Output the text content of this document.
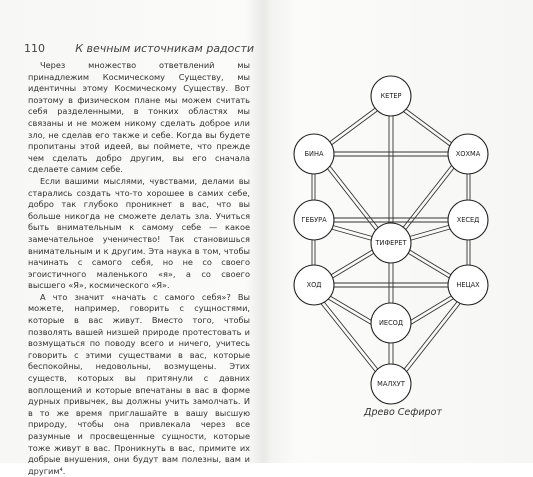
110	К вечным источникам радости

Через множество ответвлений мы принадлежим Космическому Существу, мы идентичны этому Космическому Существу. Вот поэтому в физическом плане мы можем считать себя разделенными, в тонких областях мы связаны и не можем никому сделать доброе или зло, не сделав его также и себе. Когда вы будете пропитаны этой идеей, вы поймете, что прежде чем сделать добро другим, вы его сначала сделаете самим себе.

Если вашими мыслями, чувствами, делами вы старались создать что-то хорошее в самих себе, добро так глубоко проникнет в вас, что вы больше никогда не сможете делать зла. Учиться быть внимательным к самому себе — какое замечательное ученичество! Так становишься внимательным и к другим. Эта наука в том, чтобы начинать с самого себя, но не со своего эгоистичного маленького «я», а со своего высшего «Я», космического «Я».

А что значит «начать с самого себя»? Вы можете, например, говорить с сущностями, которые в вас живут. Вместо того, чтобы позволять вашей низшей природе протестовать и возмущаться по поводу всего и ничего, учитесь говорить с этими существами в вас, которые беспокойны, недовольны, возмущены. Этих существ, которых вы притянули с давних воплощений и которые впечатаны в вас в форме дурных привычек, вы должны учить замолчать. И в то же время приглашайте в вашу высшую природу, чтобы она привлекала через все разумные и просвещенные сущности, которые тоже живут в вас. Проникнуть в вас, примите их добрые внушения, они будут вам полезны, вам и другим⁴.

КЕТЕР
БИНА	ХОХМА
ГЕБУРА	ХЕСЕД
ТИФЕРЕТ
ХОД	НЕЦАХ
ИЕСОД
МАЛХУТ
Древо Сефирот
